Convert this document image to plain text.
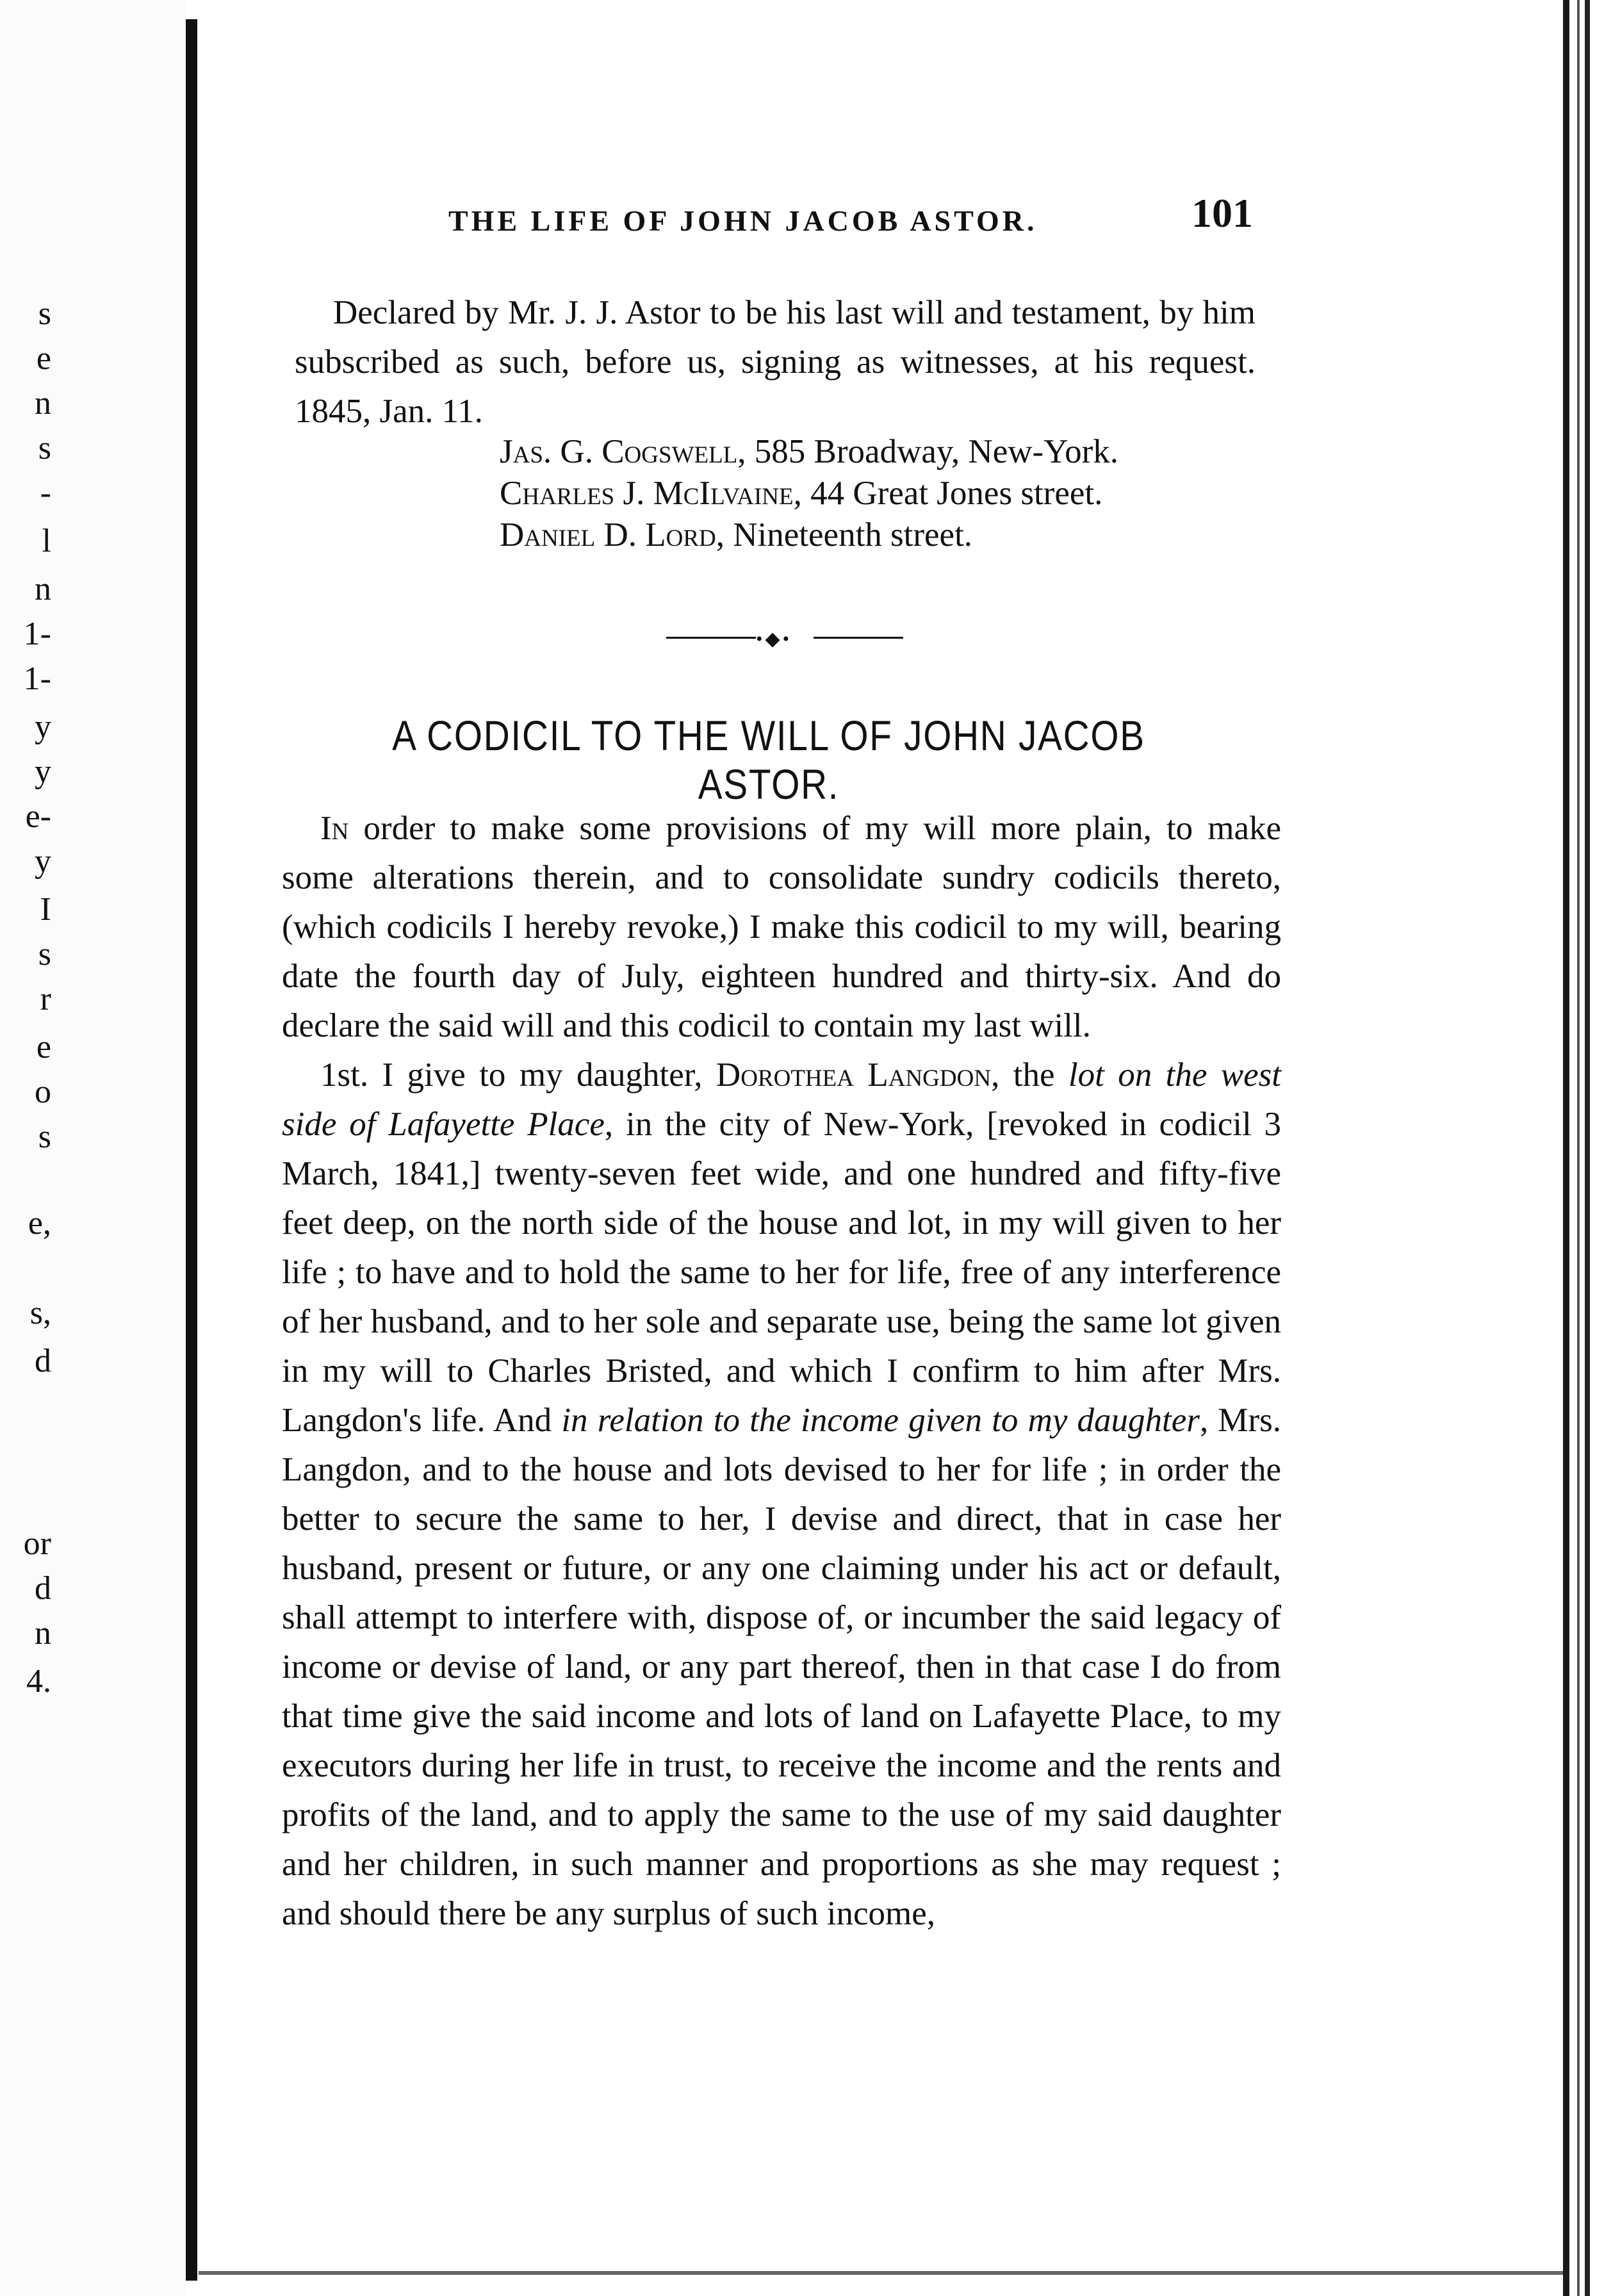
s
e
n
s
-
l
n
1-
1-
y
y
e-
y
I
s
r
e
o
s
e,
s,
d
or
d
n
4.
THE LIFE OF JOHN JACOB ASTOR.	101

Declared by Mr. J. J. Astor to be his last will and testament, by him subscribed as such, before us, signing as witnesses, at his request. 1845, Jan. 11.

Jas. G. Cogswell, 585 Broadway, New-York.
Charles J. McIlvaine, 44 Great Jones street.
Daniel D. Lord, Nineteenth street.
•◆•
A CODICIL TO THE WILL OF JOHN JACOB ASTOR.

In order to make some provisions of my will more plain, to make some alterations therein, and to consolidate sundry codicils thereto, (which codicils I hereby revoke,) I make this codicil to my will, bearing date the fourth day of July, eighteen hundred and thirty-six. And do declare the said will and this codicil to contain my last will.

1st. I give to my daughter, Dorothea Langdon, the lot on the west side of Lafayette Place, in the city of New-York, [revoked in codicil 3 March, 1841,] twenty-seven feet wide, and one hundred and fifty-five feet deep, on the north side of the house and lot, in my will given to her life ; to have and to hold the same to her for life, free of any interference of her husband, and to her sole and separate use, being the same lot given in my will to Charles Bristed, and which I confirm to him after Mrs. Langdon's life. And in relation to the income given to my daughter, Mrs. Langdon, and to the house and lots devised to her for life ; in order the better to secure the same to her, I devise and direct, that in case her husband, present or future, or any one claiming under his act or default, shall attempt to interfere with, dispose of, or incumber the said legacy of income or devise of land, or any part thereof, then in that case I do from that time give the said income and lots of land on Lafayette Place, to my executors during her life in trust, to receive the income and the rents and profits of the land, and to apply the same to the use of my said daughter and her children, in such manner and proportions as she may request ; and should there be any surplus of such income,
